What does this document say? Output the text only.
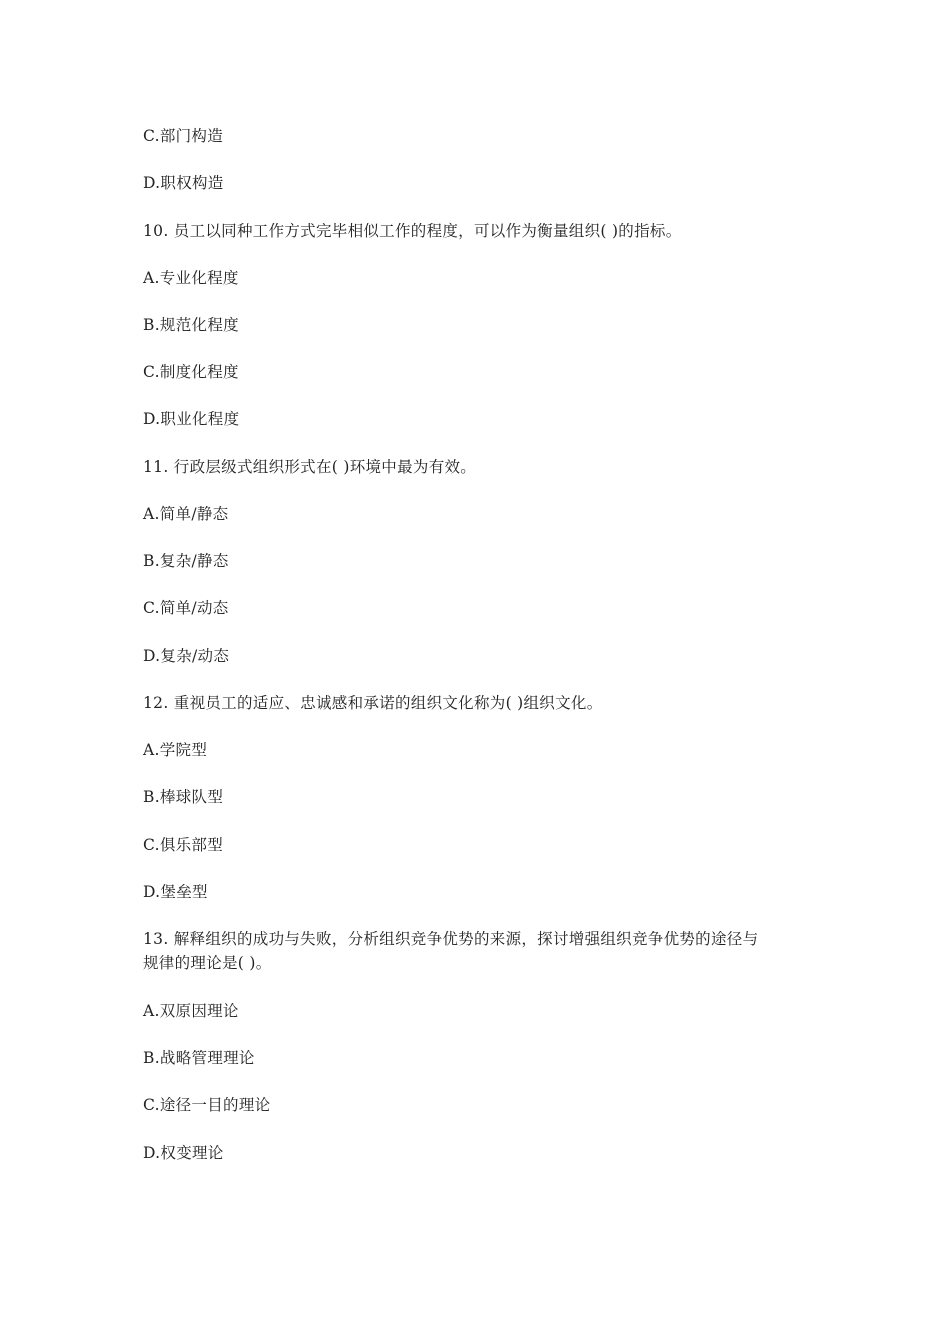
C.部门构造
D.职权构造
10. 员工以同种工作方式完毕相似工作的程度，可以作为衡量组织( )的指标。
A.专业化程度
B.规范化程度
C.制度化程度
D.职业化程度
11. 行政层级式组织形式在( )环境中最为有效。
A.简单/静态
B.复杂/静态
C.简单/动态
D.复杂/动态
12. 重视员工的适应、忠诚感和承诺的组织文化称为( )组织文化。
A.学院型
B.棒球队型
C.俱乐部型
D.堡垒型
13. 解释组织的成功与失败，分析组织竞争优势的来源，探讨增强组织竞争优势的途径与
规律的理论是( )。
A.双原因理论
B.战略管理理论
C.途径一目的理论
D.权变理论
